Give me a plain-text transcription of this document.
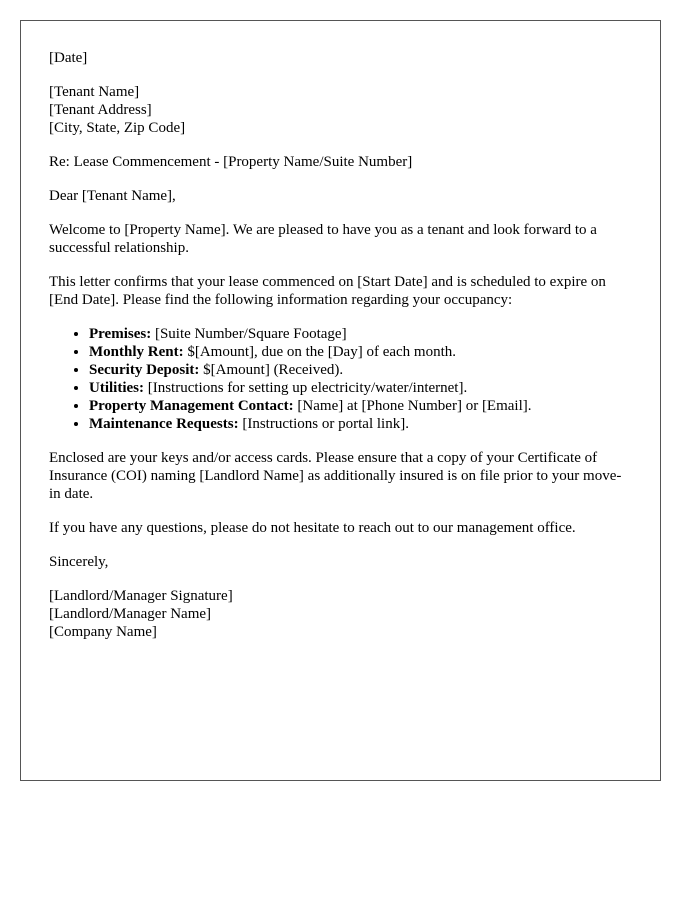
[Date]

[Tenant Name]
[Tenant Address]
[City, State, Zip Code]

Re: Lease Commencement - [Property Name/Suite Number]

Dear [Tenant Name],

Welcome to [Property Name]. We are pleased to have you as a tenant and look forward to a successful relationship.

This letter confirms that your lease commenced on [Start Date] and is scheduled to expire on [End Date]. Please find the following information regarding your occupancy:

• Premises: [Suite Number/Square Footage]
• Monthly Rent: $[Amount], due on the [Day] of each month.
• Security Deposit: $[Amount] (Received).
• Utilities: [Instructions for setting up electricity/water/internet].
• Property Management Contact: [Name] at [Phone Number] or [Email].
• Maintenance Requests: [Instructions or portal link].

Enclosed are your keys and/or access cards. Please ensure that a copy of your Certificate of Insurance (COI) naming [Landlord Name] as additionally insured is on file prior to your move-in date.

If you have any questions, please do not hesitate to reach out to our management office.

Sincerely,

[Landlord/Manager Signature]
[Landlord/Manager Name]
[Company Name]
